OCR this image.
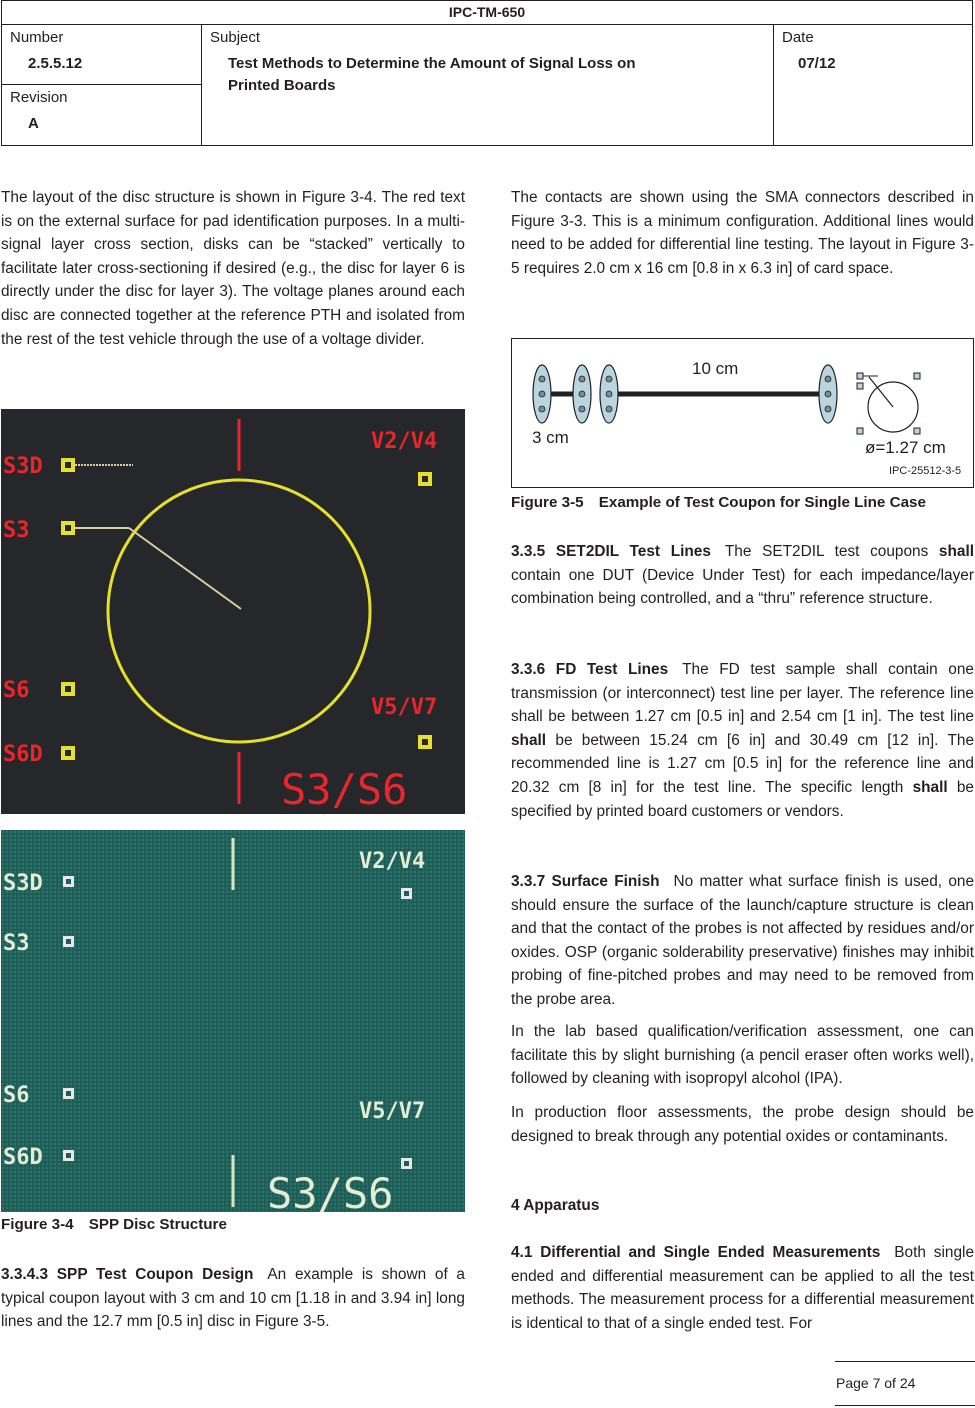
IPC-TM-650
Number
2.5.5.12
Revision
A
Subject
Test Methods to Determine the Amount of Signal Loss on
Printed Boards
Date
07/12

The layout of the disc structure is shown in Figure 3-4. The red text is on the external surface for pad identification purposes. In a multi-signal layer cross section, disks can be “stacked” vertically to facilitate later cross-sectioning if desired (e.g., the disc for layer 6 is directly under the disc for layer 3). The voltage planes around each disc are connected together at the reference PTH and isolated from the rest of the test vehicle through the use of a voltage divider.

S3D
S3
S6
S6D
V2/V4
V5/V7
S3/S6
S3D
S3
S6
S6D
V2/V4
V5/V7
S3/S6
Figure 3-4 SPP Disc Structure

3.3.4.3 SPP Test Coupon Design An example is shown of a typical coupon layout with 3 cm and 10 cm [1.18 in and 3.94 in] long lines and the 12.7 mm [0.5 in] disc in Figure 3-5.

The contacts are shown using the SMA connectors described in Figure 3-3. This is a minimum configuration. Additional lines would need to be added for differential line testing. The layout in Figure 3-5 requires 2.0 cm x 16 cm [0.8 in x 6.3 in] of card space.

10 cm
3 cm
ø=1.27 cm
IPC-25512-3-5
Figure 3-5 Example of Test Coupon for Single Line Case

3.3.5 SET2DIL Test Lines The SET2DIL test coupons shall contain one DUT (Device Under Test) for each impedance/layer combination being controlled, and a “thru” reference structure.

3.3.6 FD Test Lines The FD test sample shall contain one transmission (or interconnect) test line per layer. The reference line shall be between 1.27 cm [0.5 in] and 2.54 cm [1 in]. The test line shall be between 15.24 cm [6 in] and 30.49 cm [12 in]. The recommended line is 1.27 cm [0.5 in] for the reference line and 20.32 cm [8 in] for the test line. The specific length shall be specified by printed board customers or vendors.

3.3.7 Surface Finish No matter what surface finish is used, one should ensure the surface of the launch/capture structure is clean and that the contact of the probes is not affected by residues and/or oxides. OSP (organic solderability preservative) finishes may inhibit probing of fine-pitched probes and may need to be removed from the probe area.

In the lab based qualification/verification assessment, one can facilitate this by slight burnishing (a pencil eraser often works well), followed by cleaning with isopropyl alcohol (IPA).

In production floor assessments, the probe design should be designed to break through any potential oxides or contaminants.

4 Apparatus

4.1 Differential and Single Ended Measurements Both single ended and differential measurement can be applied to all the test methods. The measurement process for a differential measurement is identical to that of a single ended test. For

Page 7 of 24
